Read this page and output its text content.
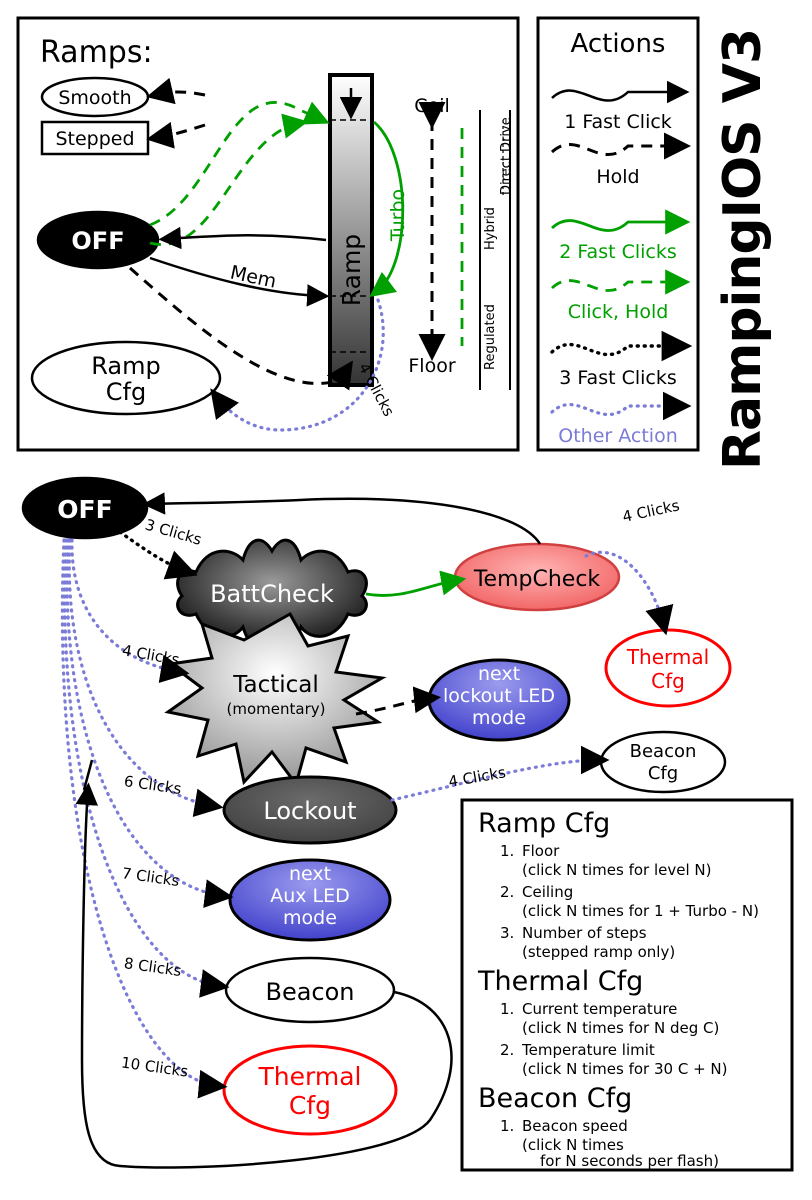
RampingIOS V3
Ramps:
Ramp
Smooth
Stepped
OFF
Ramp
Cfg
Turbo
Mem
4 Clicks
Ceil
Floor Regulated
Hybrid
Direct Drive
Actions
1 Fast Click
Hold
2 Fast Clicks
Click, Hold
3 Fast Clicks
Other Action
OFF
BattCheck
TempCheck
Thermal
Cfg
Tactical
(momentary)
next
lockout LED
mode
Beacon
Cfg
Lockout
next
Aux LED
mode
Beacon
Thermal
Cfg
3 Clicks
4 Clicks
4 Clicks
6 Clicks	4 Clicks
7 Clicks
8 Clicks
10 Clicks
Ramp Cfg
1. Floor
(click N times for level N)
2. Ceiling
(click N times for 1 + Turbo - N)
3. Number of steps
(stepped ramp only)
Thermal Cfg
1. Current temperature
(click N times for N deg C)
2. Temperature limit
(click N times for 30 C + N)
Beacon Cfg
1. Beacon speed
(click N times
for N seconds per flash)
